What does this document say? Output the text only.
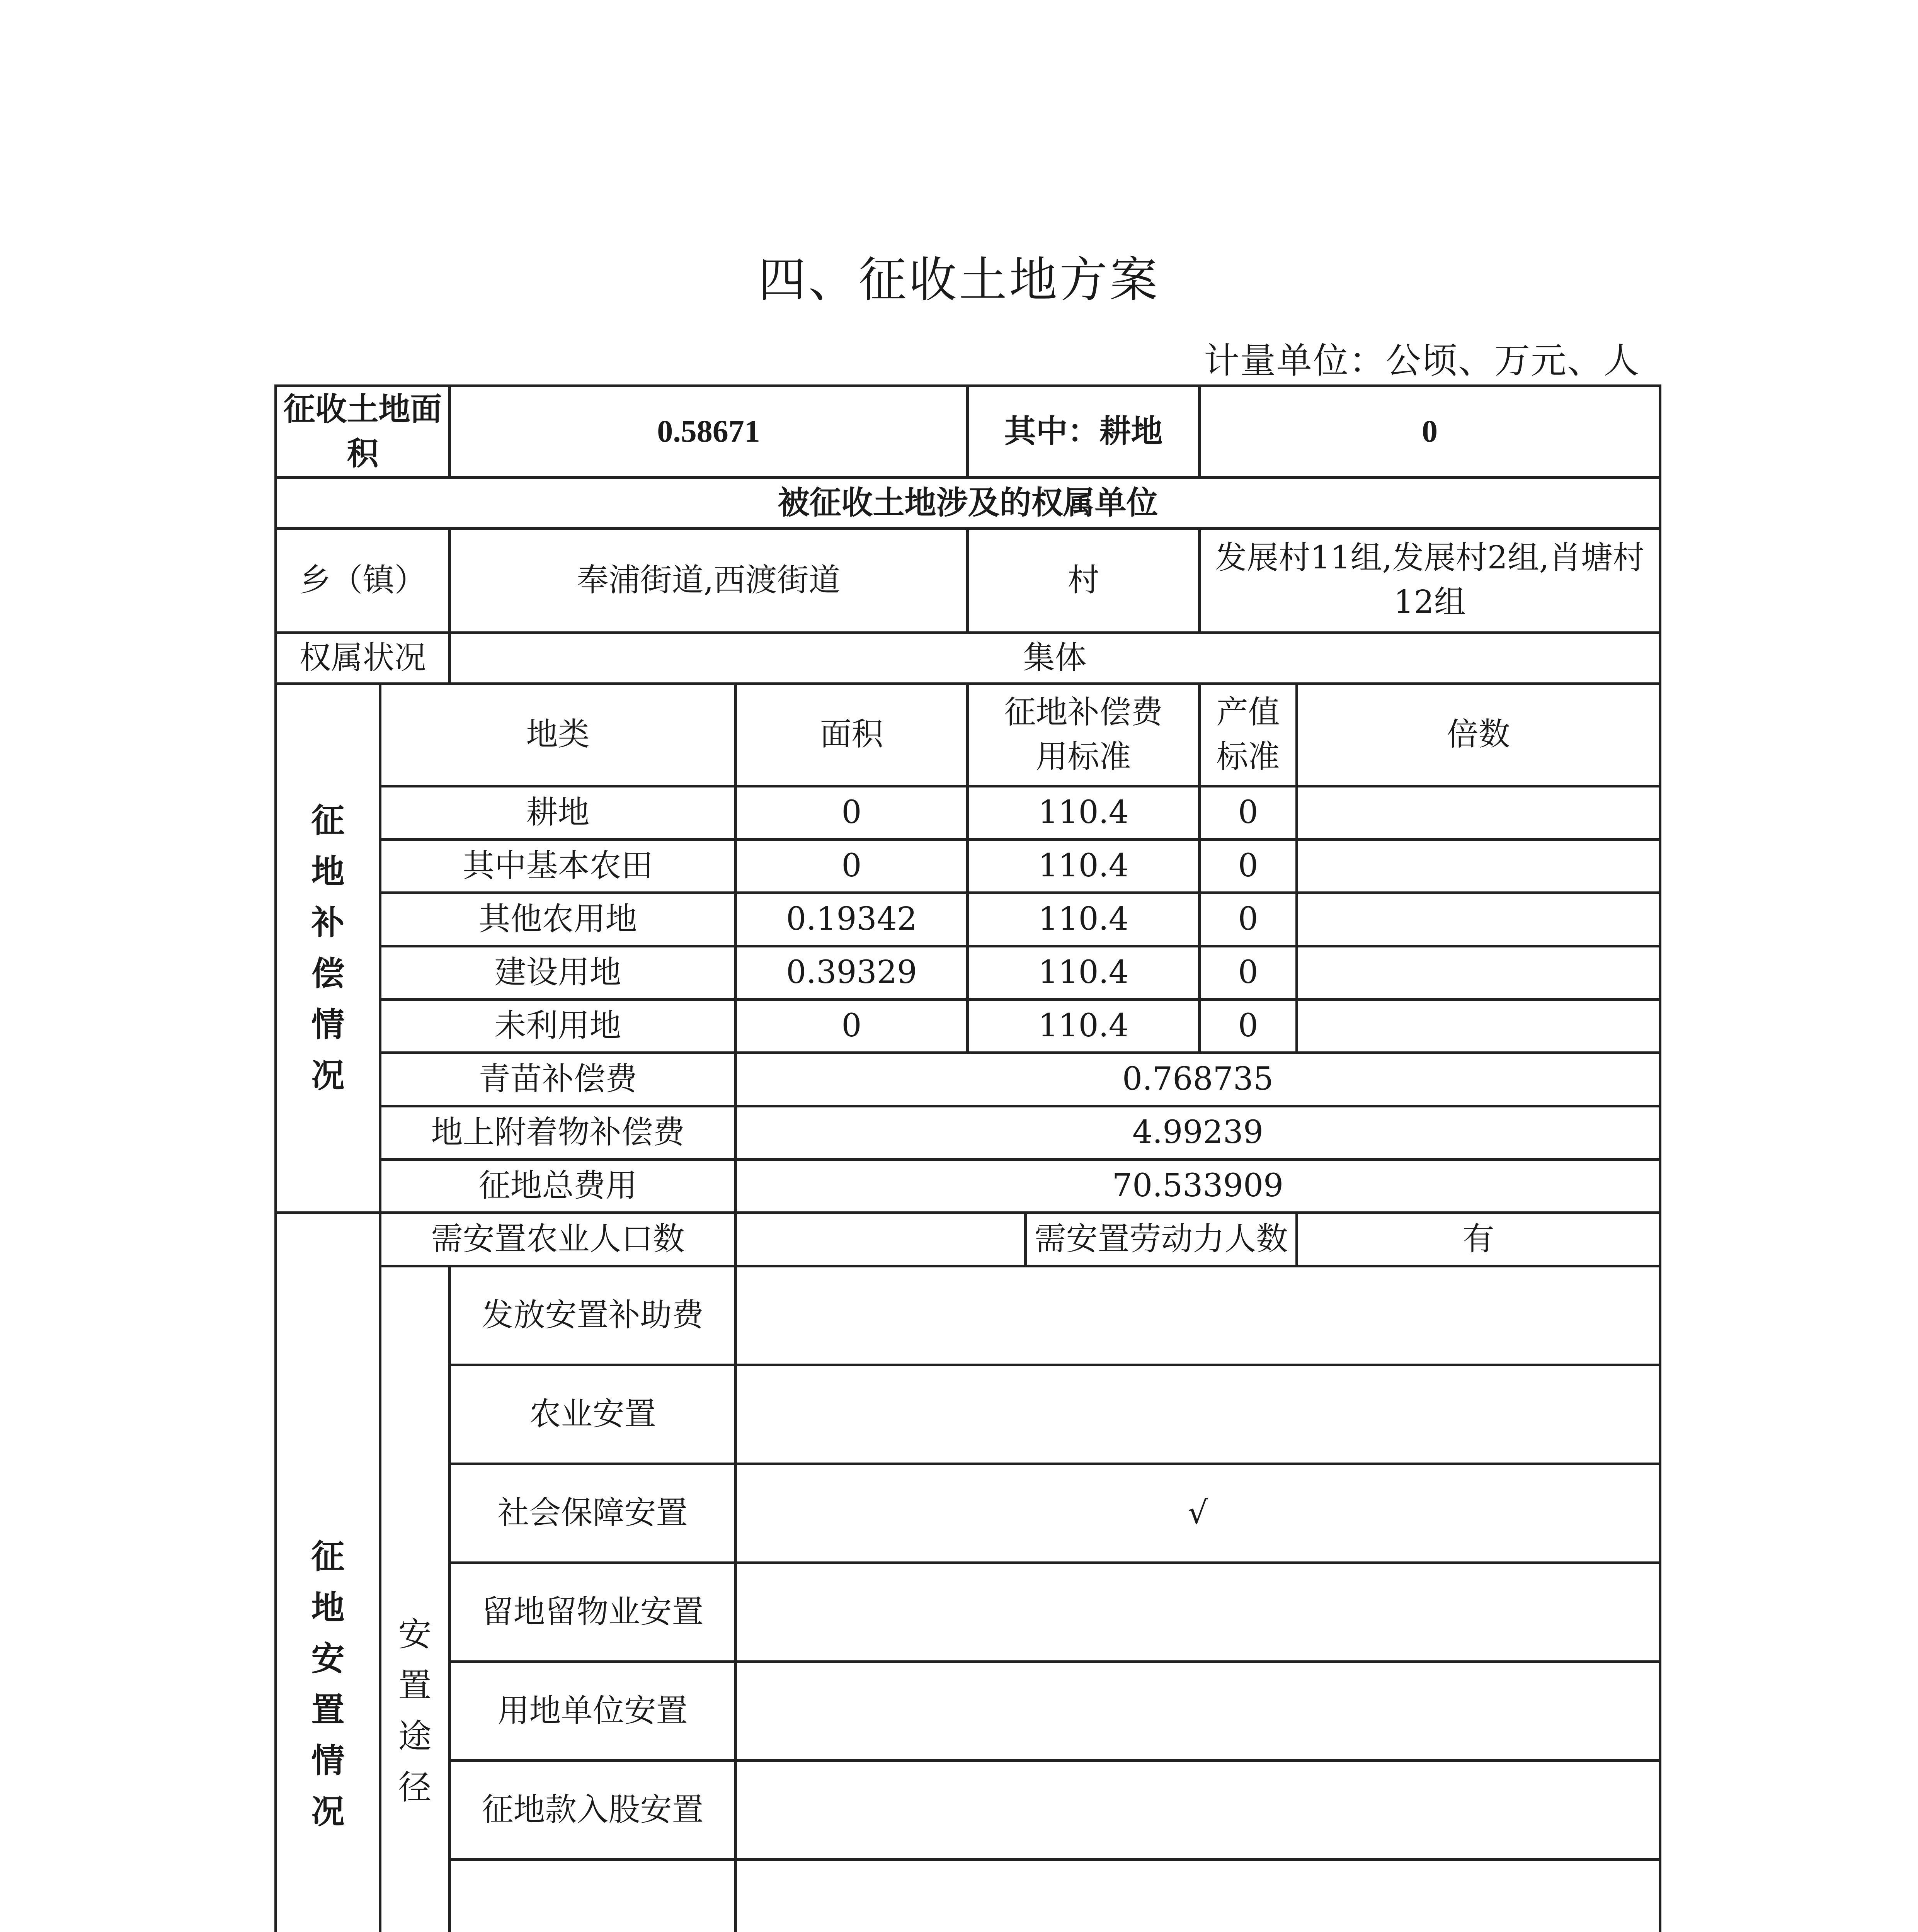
四、征收土地方案
计量单位：公顷、万元、人
征收土地面积		0.58671		其中：耕地		0	
被征收土地涉及的权属单位							
乡（镇）		奉浦街道,西渡街道		村		发展村11组,发展村2组,肖塘村12组	
权属状况		集体					
征地补偿情况	地类		面积	征地补偿费用标准		产值标准	倍数
	耕地		0	110.4		0	
	其中基本农田		0	110.4		0	
	其他农用地		0.19342	110.4		0	
	建设用地		0.39329	110.4		0	
	未利用地		0	110.4		0	
	青苗补偿费		0.768735				
	地上附着物补偿费		4.99239				
	征地总费用		70.533909				
征地安置情况	需安置农业人口数				需安置劳动力人数		有
	安置途径	发放安置补助费					
		农业安置					
		社会保障安置	√				
		留地留物业安置					
		用地单位安置					
		征地款入股安置					
